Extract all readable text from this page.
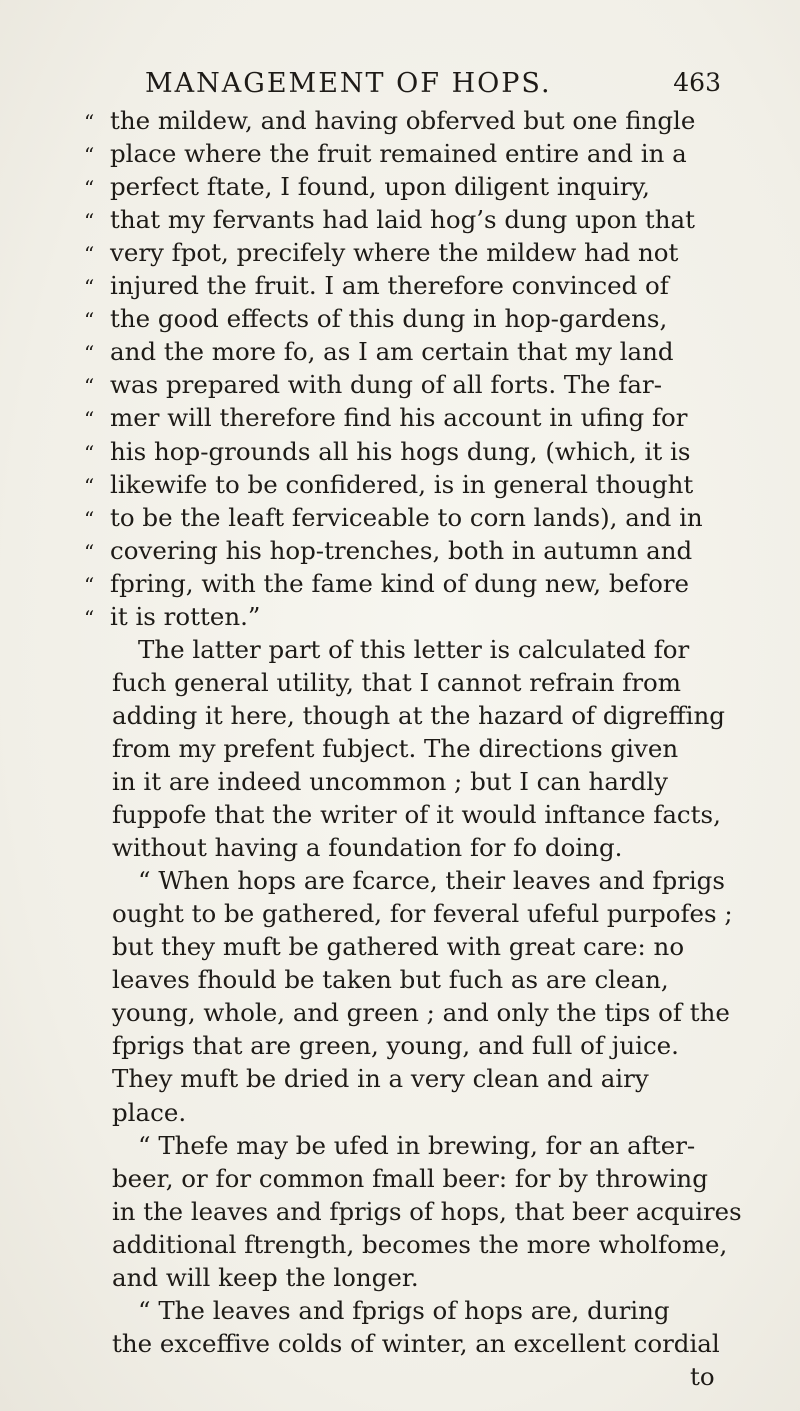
MANAGEMENT OF HOPS.	463
“ the mildew, and having obferved but one fingle
“ place where the fruit remained entire and in a
“ perfect ftate, I found, upon diligent inquiry,
“ that my fervants had laid hog’s dung upon that
“ very fpot, precifely where the mildew had not
“ injured the fruit. I am therefore convinced of
“ the good effects of this dung in hop-gardens,
“ and the more fo, as I am certain that my land
“ was prepared with dung of all forts. The far-
“ mer will therefore find his account in ufing for
“ his hop-grounds all his hogs dung, (which, it is
“ likewife to be confidered, is in general thought
“ to be the leaft ferviceable to corn lands), and in
“ covering his hop-trenches, both in autumn and
“ fpring, with the fame kind of dung new, before
“ it is rotten.”
The latter part of this letter is calculated for
fuch general utility, that I cannot refrain from
adding it here, though at the hazard of digreffing
from my prefent fubject. The directions given
in it are indeed uncommon ; but I can hardly
fuppofe that the writer of it would inftance facts,
without having a foundation for fo doing.
“ When hops are fcarce, their leaves and fprigs
ought to be gathered, for feveral ufeful purpofes ;
but they muft be gathered with great care: no
leaves fhould be taken but fuch as are clean,
young, whole, and green ; and only the tips of the
fprigs that are green, young, and full of juice.
They muft be dried in a very clean and airy
place.
“ Thefe may be ufed in brewing, for an after-
beer, or for common fmall beer: for by throwing
in the leaves and fprigs of hops, that beer acquires
additional ftrength, becomes the more wholfome,
and will keep the longer.
“ The leaves and fprigs of hops are, during
the exceffive colds of winter, an excellent cordial
to
